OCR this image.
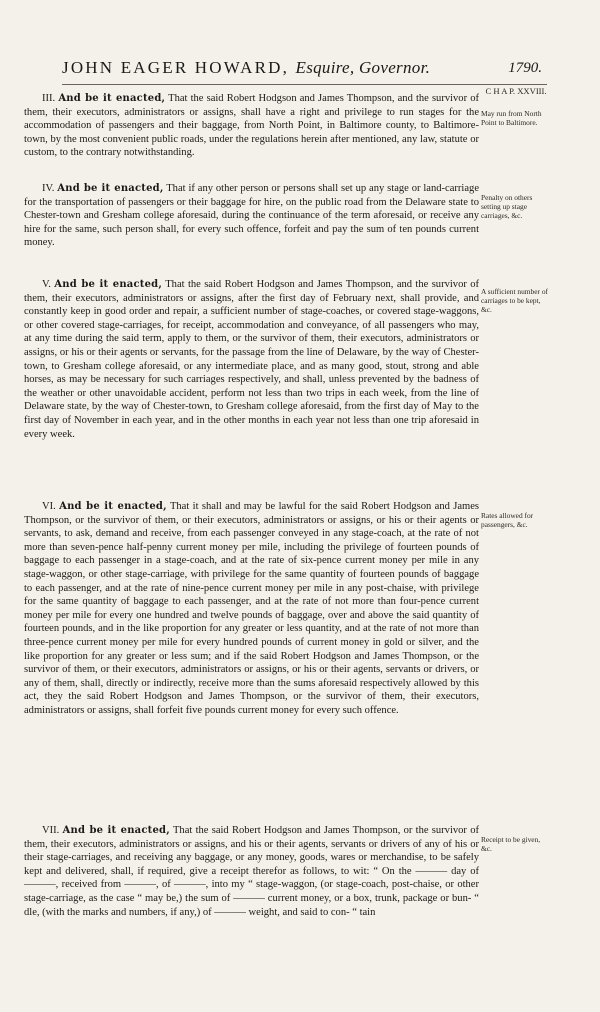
JOHN EAGER HOWARD, Esquire, Governor.	1790.

III. And be it enacted, That the said Robert Hodgson and James Thompson, and the survivor of them, their executors, administrators or assigns, shall have a right and privilege to run stages for the accommodation of passengers and their baggage, from North Point, in Baltimore county, to Baltimore-town, by the most convenient public roads, under the regulations herein after mentioned, any law, statute or custom, to the contrary notwithstanding.

IV. And be it enacted, That if any other person or persons shall set up any stage or land-carriage for the transportation of passengers or their baggage for hire, on the public road from the Delaware state to Chester-town and Gresham college aforesaid, during the continuance of the term aforesaid, or receive any hire for the same, such person shall, for every such offence, forfeit and pay the sum of ten pounds current money.

V. And be it enacted, That the said Robert Hodgson and James Thompson, and the survivor of them, their executors, administrators or assigns, after the first day of February next, shall provide, and constantly keep in good order and repair, a sufficient number of stage-coaches, or covered stage-waggons, or other covered stage-carriages, for receipt, accommodation and conveyance, of all passengers who may, at any time during the said term, apply to them, or the survivor of them, their executors, administrators or assigns, or his or their agents or servants, for the passage from the line of Delaware, by the way of Chester-town, to Gresham college aforesaid, or any intermediate place, and as many good, stout, strong and able horses, as may be necessary for such carriages respectively, and shall, unless prevented by the badness of the weather or other unavoidable accident, perform not less than two trips in each week, from the line of Delaware state, by the way of Chester-town, to Gresham college aforesaid, from the first day of May to the first day of November in each year, and in the other months in each year not less than one trip aforesaid in every week.

VI. And be it enacted, That it shall and may be lawful for the said Robert Hodgson and James Thompson, or the survivor of them, or their executors, administrators or assigns, or his or their agents or servants, to ask, demand and receive, from each passenger conveyed in any stage-coach, at the rate of not more than seven-pence half-penny current money per mile, including the privilege of fourteen pounds of baggage to each passenger in a stage-coach, and at the rate of six-pence current money per mile in any stage-waggon, or other stage-carriage, with privilege for the same quantity of fourteen pounds of baggage to each passenger, and at the rate of nine-pence current money per mile in any post-chaise, with privilege for the same quantity of baggage to each passenger, and at the rate of not more than four-pence current money per mile for every one hundred and twelve pounds of baggage, over and above the said quantity of fourteen pounds, and in the like proportion for any greater or less quantity, and at the rate of not more than three-pence current money per mile for every hundred pounds of current money in gold or silver, and the like proportion for any greater or less sum; and if the said Robert Hodgson and James Thompson, or the survivor of them, or their executors, administrators or assigns, or his or their agents, servants or drivers, or any of them, shall, directly or indirectly, receive more than the sums aforesaid respectively allowed by this act, they the said Robert Hodgson and James Thompson, or the survivor of them, their executors, administrators or assigns, shall forfeit five pounds current money for every such offence.

VII. And be it enacted, That the said Robert Hodgson and James Thompson, or the survivor of them, their executors, administrators or assigns, and his or their agents, servants or drivers of any of his or their stage-carriages, and receiving any baggage, or any money, goods, wares or merchandise, to be safely kept and delivered, shall, if required, give a receipt therefor as follows, to wit: “ On the ——— day of ———, received from ———, of ———, into my “ stage-waggon, (or stage-coach, post-chaise, or other stage-carriage, as the case “ may be,) the sum of ——— current money, or a box, trunk, package or bun- “ dle, (with the marks and numbers, if any,) of ——— weight, and said to con- “ tain

C H A P. XXVIII.
May run from North Point to Baltimore.
Penalty on others setting up stage carriages, &c.
A sufficient number of carriages to be kept, &c.
Rates allowed for passengers, &c.
Receipt to be given, &c.
